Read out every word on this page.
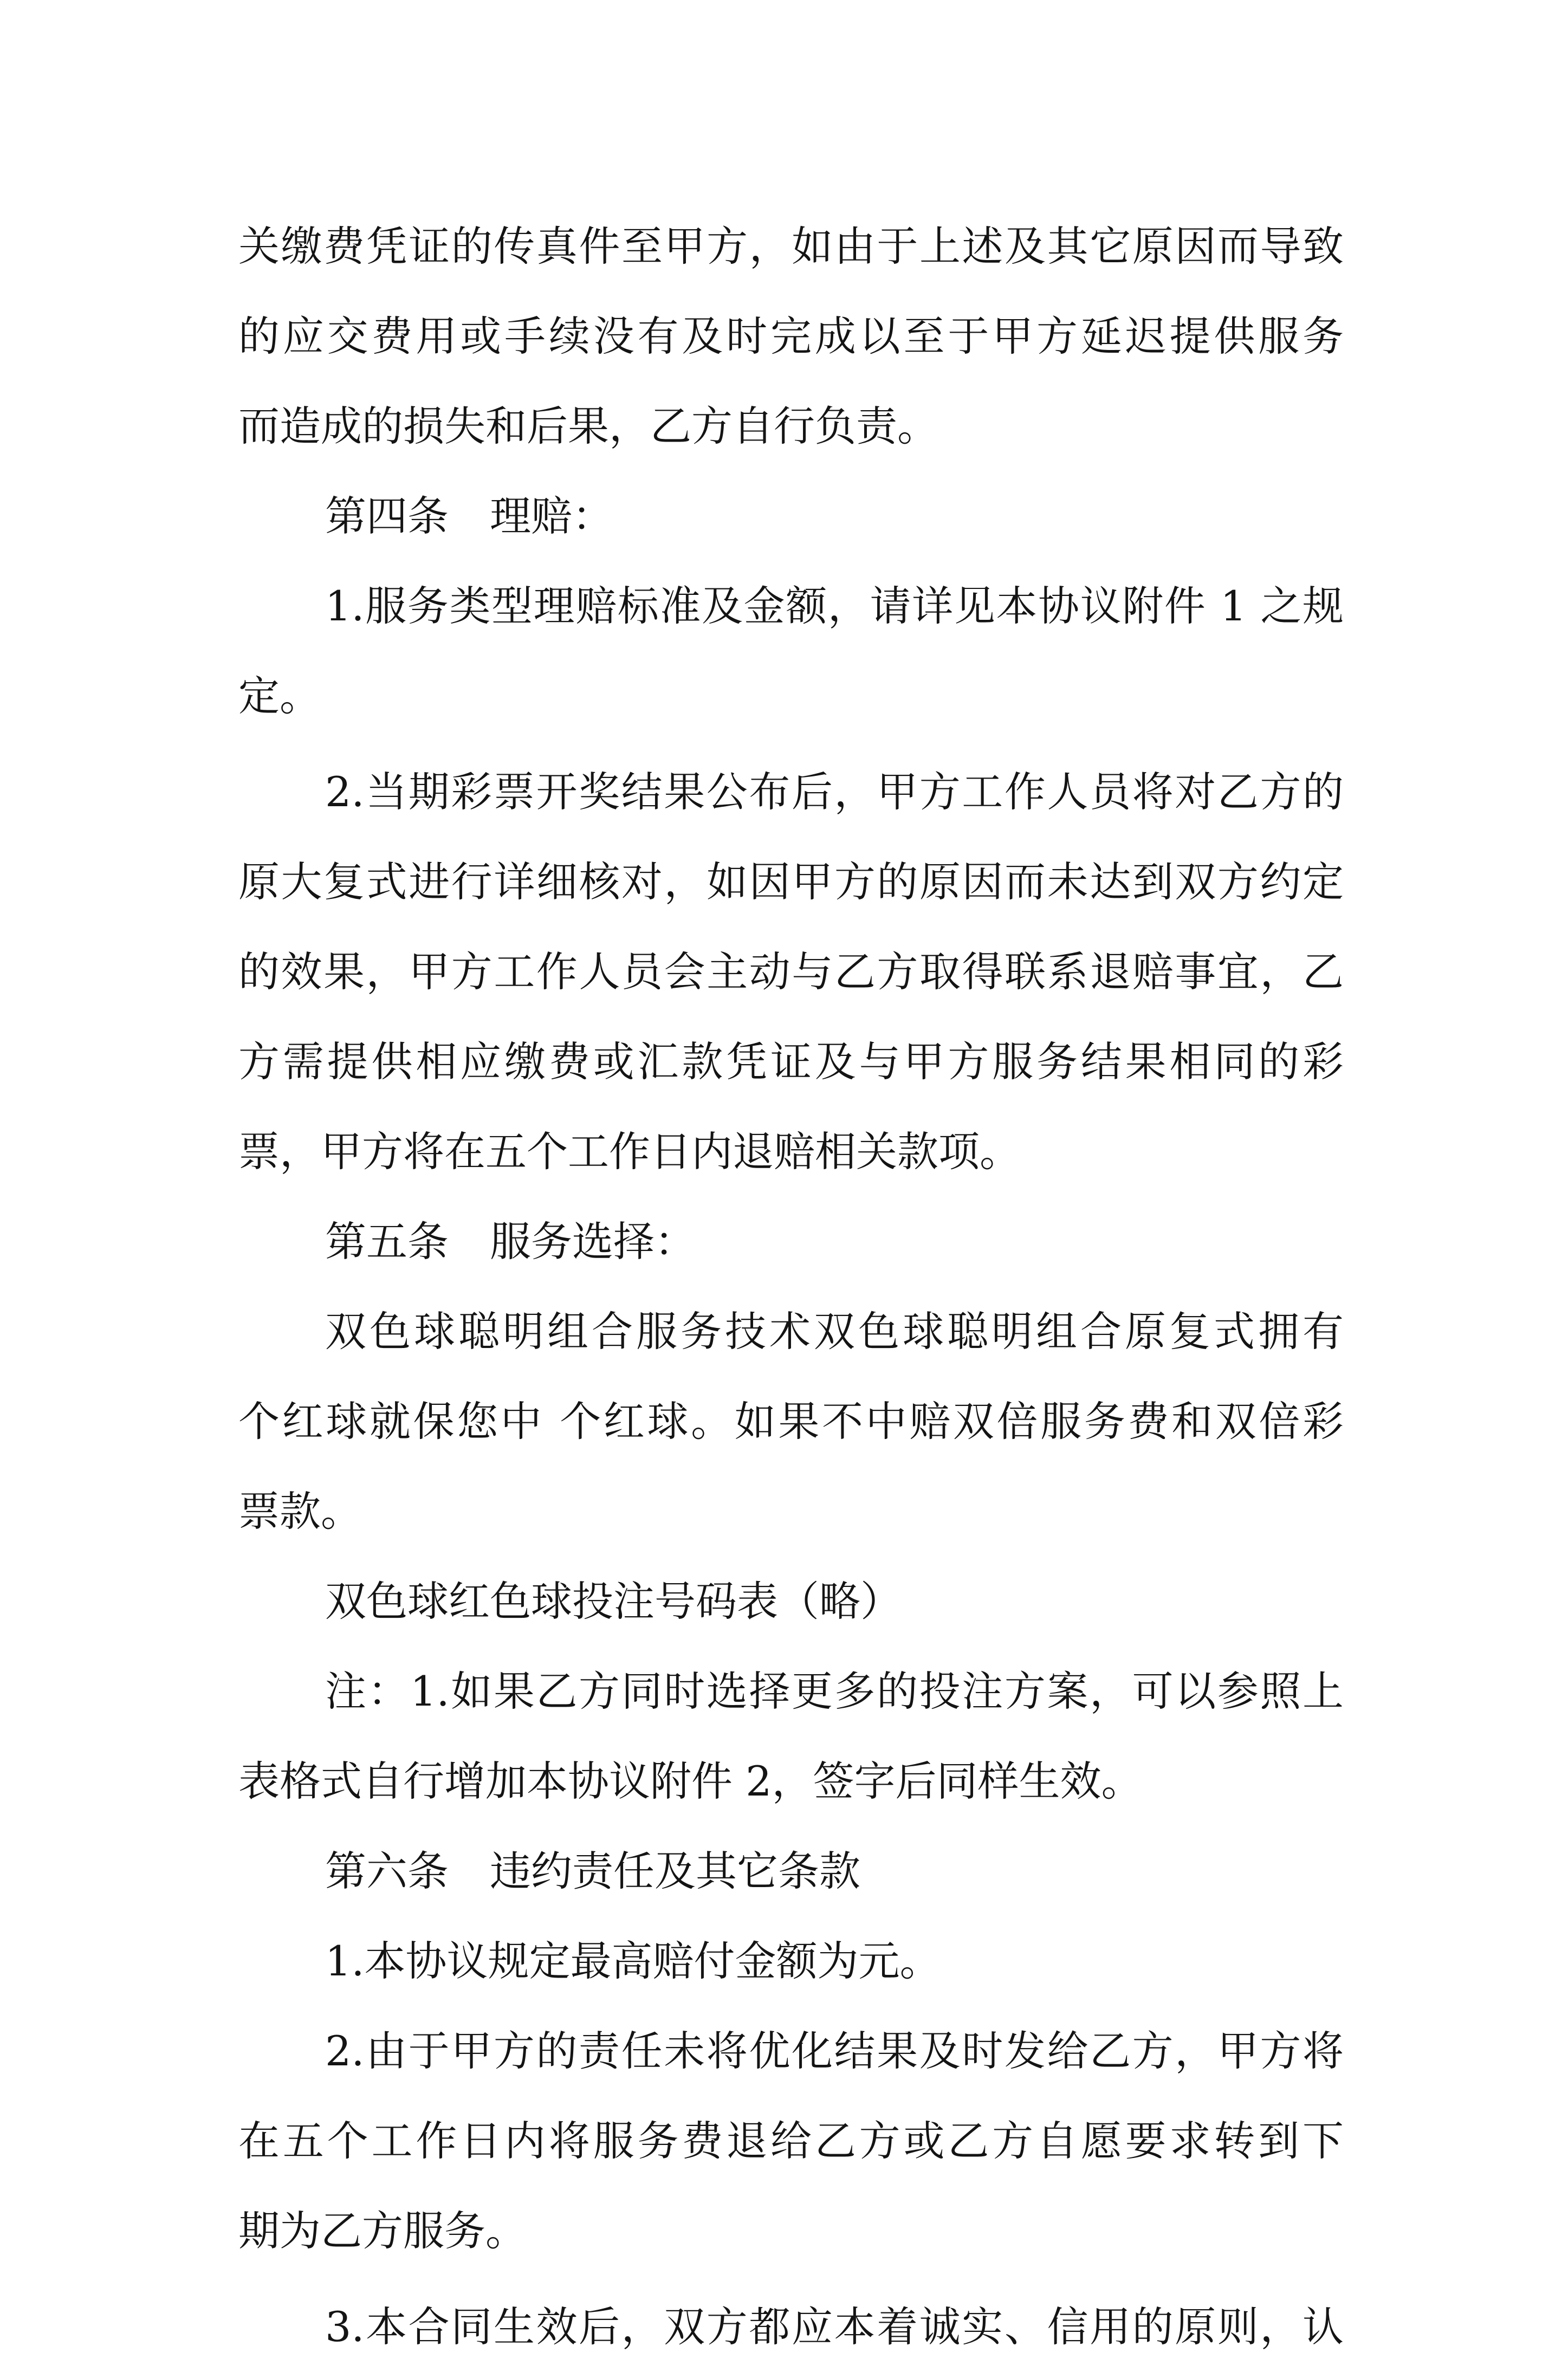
关缴费凭证的传真件至甲方，如由于上述及其它原因而导致
的应交费用或手续没有及时完成以至于甲方延迟提供服务
而造成的损失和后果，乙方自行负责。
第四条　理赔：
1.服务类型理赔标准及金额，请详见本协议附件 1 之规
定。
2.当期彩票开奖结果公布后，甲方工作人员将对乙方的
原大复式进行详细核对，如因甲方的原因而未达到双方约定
的效果，甲方工作人员会主动与乙方取得联系退赔事宜，乙
方需提供相应缴费或汇款凭证及与甲方服务结果相同的彩
票，甲方将在五个工作日内退赔相关款项。
第五条　服务选择：
双色球聪明组合服务技术双色球聪明组合原复式拥有
个红球就保您中 个红球。如果不中赔双倍服务费和双倍彩
票款。
双色球红色球投注号码表（略）
注：1.如果乙方同时选择更多的投注方案，可以参照上
表格式自行增加本协议附件 2，签字后同样生效。
第六条　违约责任及其它条款
1.本协议规定最高赔付金额为元。
2.由于甲方的责任未将优化结果及时发给乙方，甲方将
在五个工作日内将服务费退给乙方或乙方自愿要求转到下
期为乙方服务。
3.本合同生效后，双方都应本着诚实、信用的原则，认
